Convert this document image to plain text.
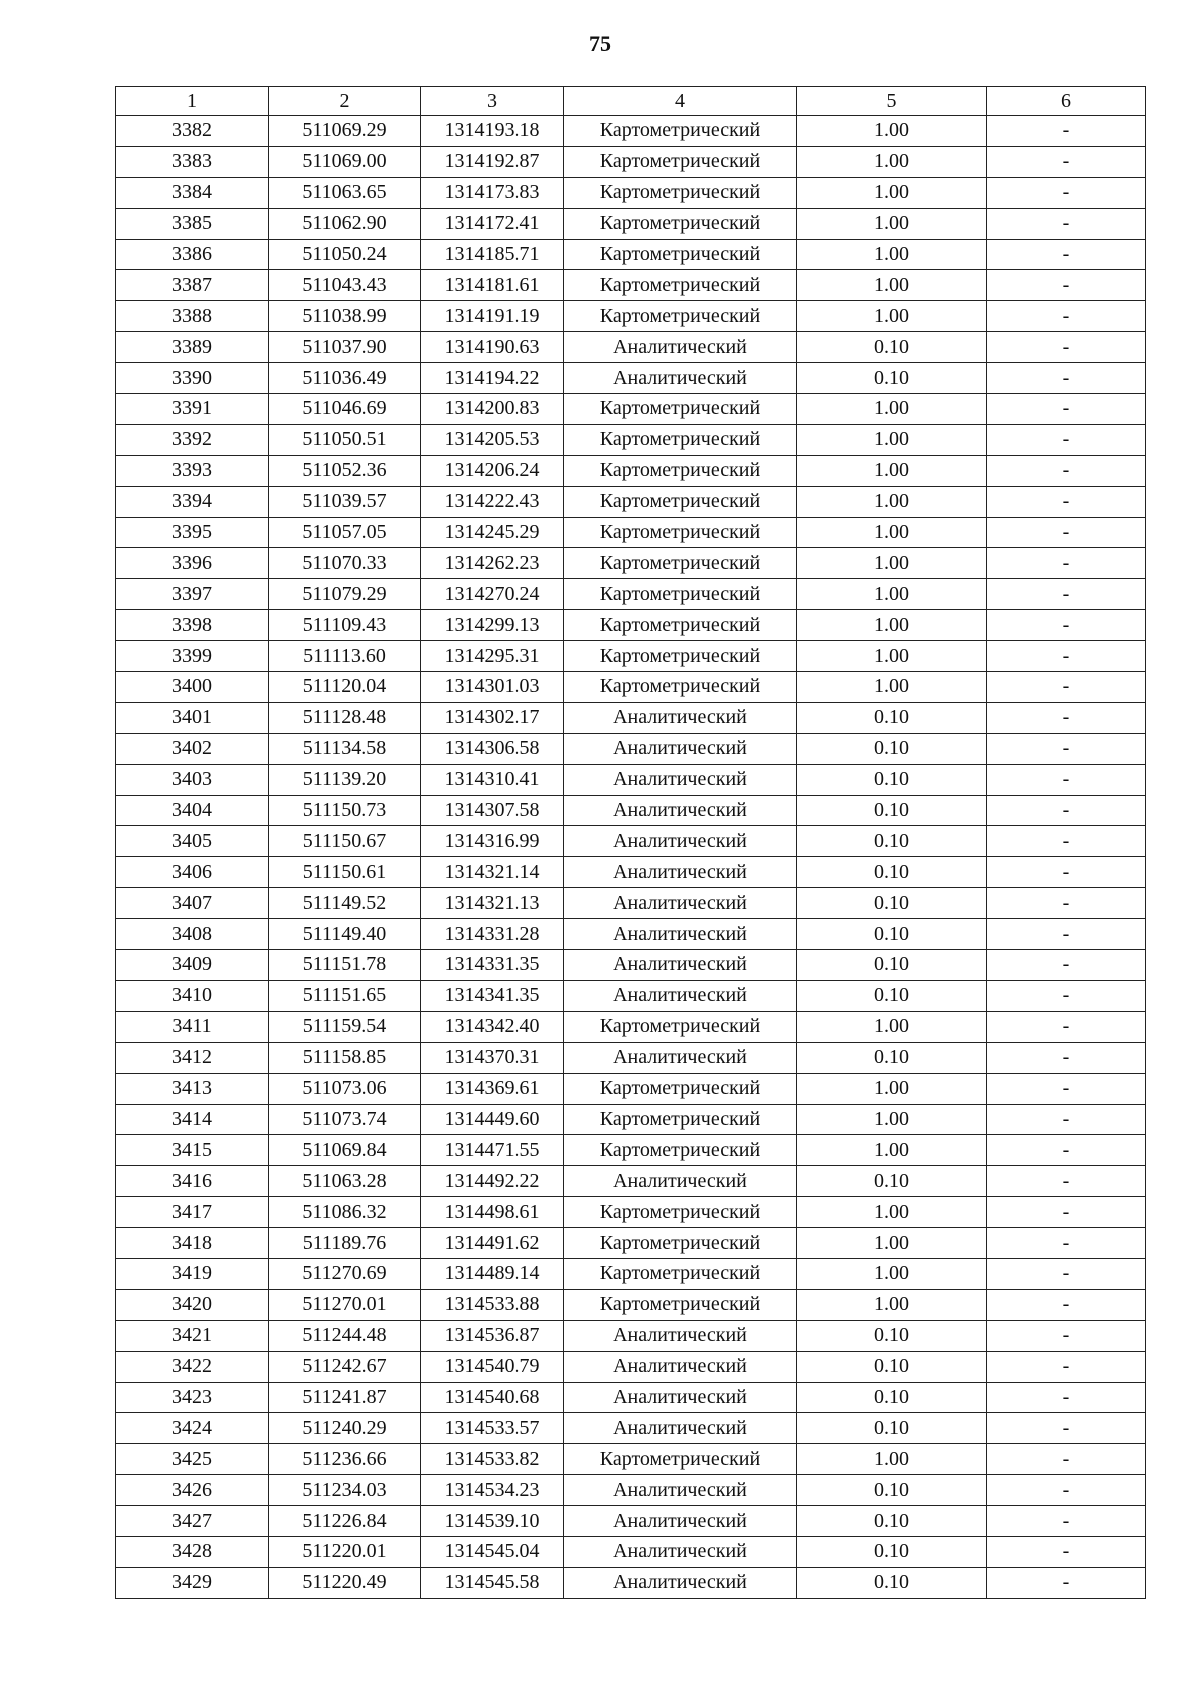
75
1	2	3	4	5	6
3382	511069.29	1314193.18	Картометрический	1.00	-
3383	511069.00	1314192.87	Картометрический	1.00	-
3384	511063.65	1314173.83	Картометрический	1.00	-
3385	511062.90	1314172.41	Картометрический	1.00	-
3386	511050.24	1314185.71	Картометрический	1.00	-
3387	511043.43	1314181.61	Картометрический	1.00	-
3388	511038.99	1314191.19	Картометрический	1.00	-
3389	511037.90	1314190.63	Аналитический	0.10	-
3390	511036.49	1314194.22	Аналитический	0.10	-
3391	511046.69	1314200.83	Картометрический	1.00	-
3392	511050.51	1314205.53	Картометрический	1.00	-
3393	511052.36	1314206.24	Картометрический	1.00	-
3394	511039.57	1314222.43	Картометрический	1.00	-
3395	511057.05	1314245.29	Картометрический	1.00	-
3396	511070.33	1314262.23	Картометрический	1.00	-
3397	511079.29	1314270.24	Картометрический	1.00	-
3398	511109.43	1314299.13	Картометрический	1.00	-
3399	511113.60	1314295.31	Картометрический	1.00	-
3400	511120.04	1314301.03	Картометрический	1.00	-
3401	511128.48	1314302.17	Аналитический	0.10	-
3402	511134.58	1314306.58	Аналитический	0.10	-
3403	511139.20	1314310.41	Аналитический	0.10	-
3404	511150.73	1314307.58	Аналитический	0.10	-
3405	511150.67	1314316.99	Аналитический	0.10	-
3406	511150.61	1314321.14	Аналитический	0.10	-
3407	511149.52	1314321.13	Аналитический	0.10	-
3408	511149.40	1314331.28	Аналитический	0.10	-
3409	511151.78	1314331.35	Аналитический	0.10	-
3410	511151.65	1314341.35	Аналитический	0.10	-
3411	511159.54	1314342.40	Картометрический	1.00	-
3412	511158.85	1314370.31	Аналитический	0.10	-
3413	511073.06	1314369.61	Картометрический	1.00	-
3414	511073.74	1314449.60	Картометрический	1.00	-
3415	511069.84	1314471.55	Картометрический	1.00	-
3416	511063.28	1314492.22	Аналитический	0.10	-
3417	511086.32	1314498.61	Картометрический	1.00	-
3418	511189.76	1314491.62	Картометрический	1.00	-
3419	511270.69	1314489.14	Картометрический	1.00	-
3420	511270.01	1314533.88	Картометрический	1.00	-
3421	511244.48	1314536.87	Аналитический	0.10	-
3422	511242.67	1314540.79	Аналитический	0.10	-
3423	511241.87	1314540.68	Аналитический	0.10	-
3424	511240.29	1314533.57	Аналитический	0.10	-
3425	511236.66	1314533.82	Картометрический	1.00	-
3426	511234.03	1314534.23	Аналитический	0.10	-
3427	511226.84	1314539.10	Аналитический	0.10	-
3428	511220.01	1314545.04	Аналитический	0.10	-
3429	511220.49	1314545.58	Аналитический	0.10	-
